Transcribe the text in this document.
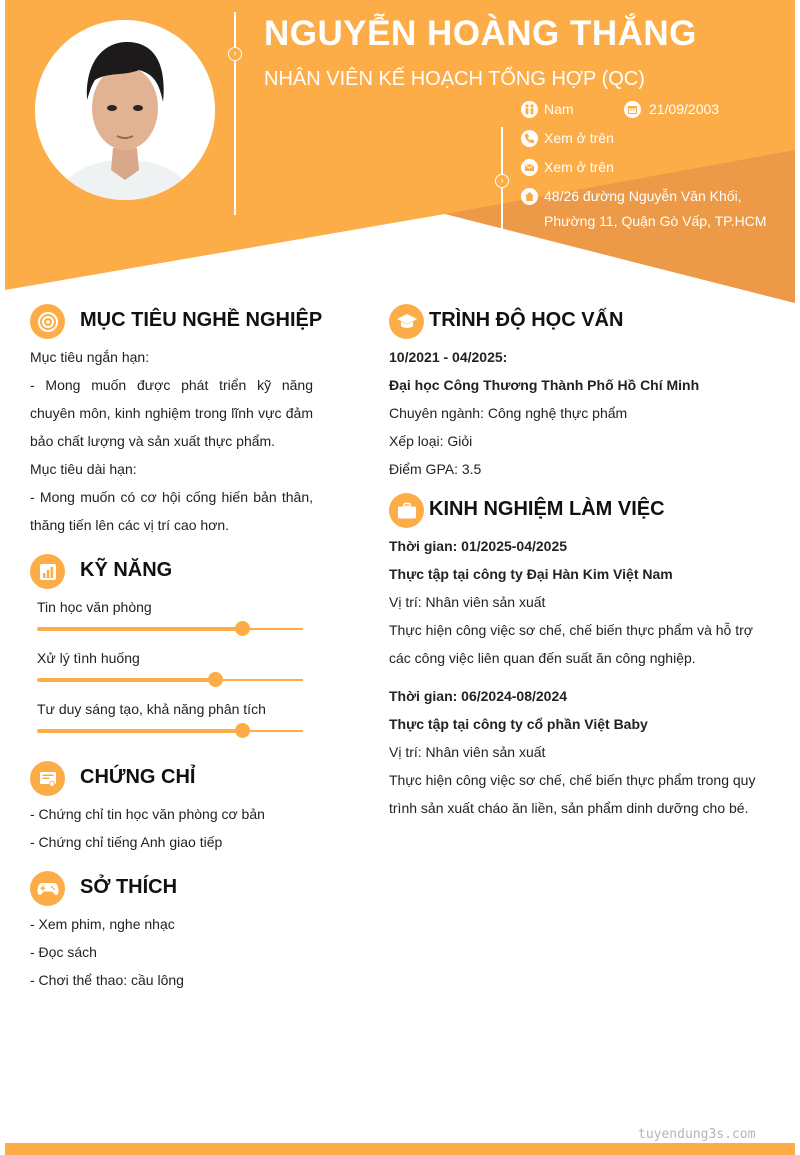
›
›
NGUYỄN HOÀNG THẮNG
NHÂN VIÊN KẾ HOẠCH TỔNG HỢP (QC)
Nam	21/09/2003
Xem ở trên
Xem ở trên
48/26 đường Nguyễn Văn Khối,
Phường 11, Quận Gò Vấp, TP.HCM
MỤC TIÊU NGHỀ NGHIỆP
Mục tiêu ngắn hạn:
- Mong muốn được phát triển kỹ năng chuyên môn, kinh nghiệm trong lĩnh vực đảm bảo chất lượng và sản xuất thực phẩm.
Mục tiêu dài hạn:
- Mong muốn có cơ hội cống hiến bản thân, thăng tiến lên các vị trí cao hơn.
KỸ NĂNG
Tin học văn phòng
Xử lý tình huống
Tư duy sáng tạo, khả năng phân tích
CHỨNG CHỈ
- Chứng chỉ tin học văn phòng cơ bản
- Chứng chỉ tiếng Anh giao tiếp
SỞ THÍCH
- Xem phim, nghe nhạc
- Đọc sách
- Chơi thể thao: cầu lông
TRÌNH ĐỘ HỌC VẤN
10/2021 - 04/2025:
Đại học Công Thương Thành Phố Hồ Chí Minh
Chuyên ngành: Công nghệ thực phẩm
Xếp loại: Giỏi
Điểm GPA: 3.5
KINH NGHIỆM LÀM VIỆC
Thời gian: 01/2025-04/2025
Thực tập tại công ty Đại Hàn Kim Việt Nam
Vị trí: Nhân viên sản xuất
Thực hiện công việc sơ chế, chế biến thực phẩm và hỗ trợ
các công việc liên quan đến suất ăn công nghiệp.
Thời gian: 06/2024-08/2024
Thực tập tại công ty cổ phần Việt Baby
Vị trí: Nhân viên sản xuất
Thực hiện công việc sơ chế, chế biến thực phẩm trong quy
trình sản xuất cháo ăn liền, sản phẩm dinh dưỡng cho bé.
tuyendung3s.com
